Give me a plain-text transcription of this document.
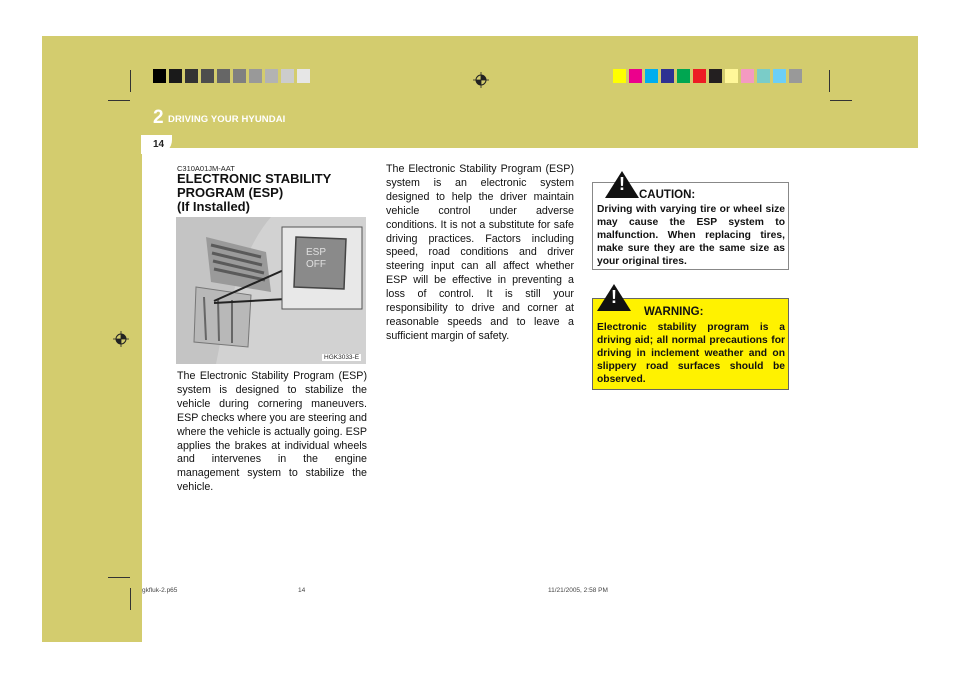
2 DRIVING YOUR HYUNDAI
14
C310A01JM-AAT
ELECTRONIC STABILITY
PROGRAM (ESP)
(If Installed)
ESP
OFF
HGK3033-E
The Electronic Stability Program (ESP) system is designed to stabilize the vehicle during cornering maneuvers. ESP checks where you are steering and where the vehicle is actually going. ESP applies the brakes at individual wheels and intervenes in the engine management system to stabilize the vehicle.
The Electronic Stability Program (ESP) system is an electronic system designed to help the driver maintain vehicle control under adverse conditions. It is not a substitute for safe driving practices. Factors including speed, road conditions and driver steering input can all affect whether ESP will be effective in preventing a loss of control. It is still your responsibility to drive and corner at reasonable speeds and to leave a sufficient margin of safety.
!
CAUTION:
Driving with varying tire or wheel size may cause the ESP system to malfunction. When replacing tires, make sure they are the same size as your original tires.
!
WARNING:
Electronic stability program is a driving aid; all normal precautions for driving in inclement weather and on slippery road surfaces should be observed.
gkfluk-2.p65	14	11/21/2005, 2:58 PM
